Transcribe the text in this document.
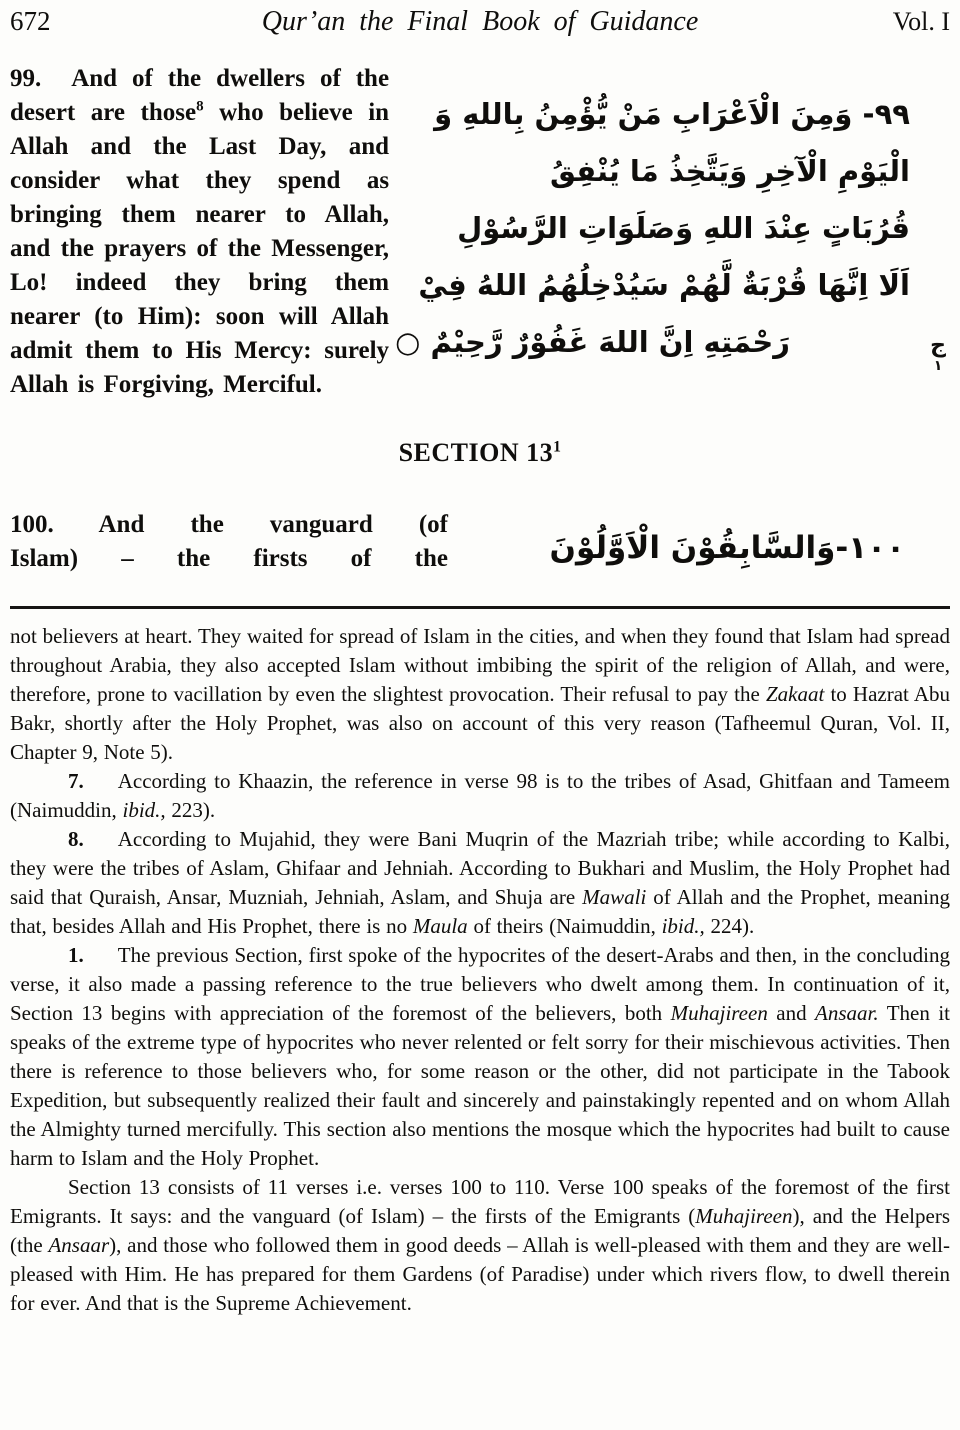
672	Qur’an the Final Book of Guidance	Vol. I
99.  And of the dwellers of the desert are those$^8$ who believe in Allah and the Last Day, and consider what they spend as bringing them nearer to Allah, and the prayers of the Messenger, Lo! indeed they bring them nearer (to Him): soon will Allah admit them to His Mercy: surely Allah is Forgiving, Merciful.
٩٩- وَمِنَ الْاَعْرَابِ مَنْ يُّؤْمِنُ بِاللهِ وَ
الْيَوْمِ الْآخِرِ وَيَتَّخِذُ مَا يُنْفِقُ
قُرُبَاتٍ عِنْدَ اللهِ وَصَلَوَاتِ الرَّسُوْلِ
اَلَا اِنَّهَا قُرْبَةٌ لَّهُمْ سَيُدْخِلُهُمُ اللهُ فِيْ
رَحْمَتِهِ اِنَّ اللهَ غَفُوْرٌ رَّحِيْمٌ ○	ج
١
SECTION $13^1$
100. And the vanguard (of
Islam) – the firsts of the	١٠٠-وَالسَّابِقُوْنَ الْاَوَّلُوْنَ

not believers at heart. They waited for spread of Islam in the cities, and when they found that Islam had spread throughout Arabia, they also accepted Islam without imbibing the spirit of the religion of Allah, and were, therefore, prone to vacillation by even the slightest provocation. Their refusal to pay the Zakaat to Hazrat Abu Bakr, shortly after the Holy Prophet, was also on account of this very reason (Tafheemul Quran, Vol. II, Chapter 9, Note 5).

7. According to Khaazin, the reference in verse 98 is to the tribes of Asad, Ghitfaan and Tameem (Naimuddin, ibid., 223).

8. According to Mujahid, they were Bani Muqrin of the Mazriah tribe; while according to Kalbi, they were the tribes of Aslam, Ghifaar and Jehniah. According to Bukhari and Muslim, the Holy Prophet had said that Quraish, Ansar, Muzniah, Jehniah, Aslam, and Shuja are Mawali of Allah and the Prophet, meaning that, besides Allah and His Prophet, there is no Maula of theirs (Naimuddin, ibid., 224).

1. The previous Section, first spoke of the hypocrites of the desert-Arabs and then, in the concluding verse, it also made a passing reference to the true believers who dwelt among them. In continuation of it, Section 13 begins with appreciation of the foremost of the believers, both Muhajireen and Ansaar. Then it speaks of the extreme type of hypocrites who never relented or felt sorry for their mischievous activities. Then there is reference to those believers who, for some reason or the other, did not participate in the Tabook Expedition, but subsequently realized their fault and sincerely and painstakingly repented and on whom Allah the Almighty turned mercifully. This section also mentions the mosque which the hypocrites had built to cause harm to Islam and the Holy Prophet.

Section 13 consists of 11 verses i.e. verses 100 to 110. Verse 100 speaks of the foremost of the first Emigrants. It says: and the vanguard (of Islam) – the firsts of the Emigrants (Muhajireen), and the Helpers (the Ansaar), and those who followed them in good deeds – Allah is well-pleased with them and they are well-pleased with Him. He has prepared for them Gardens (of Paradise) under which rivers flow, to dwell therein for ever. And that is the Supreme Achievement.
